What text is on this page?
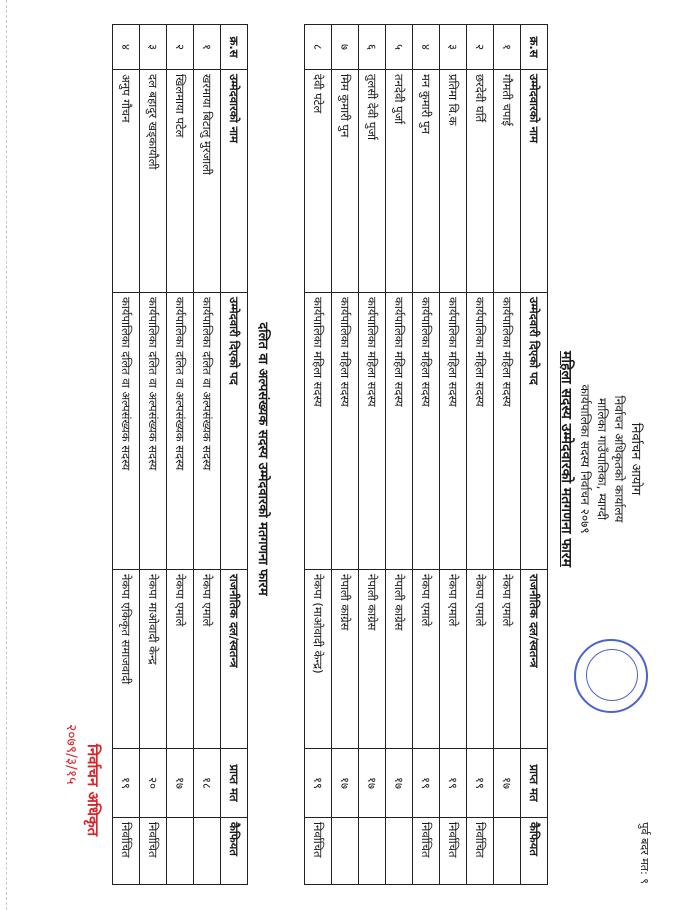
पुर्व बदर मत: ९
निर्वाचन आयोग
निर्वाचन अधिकृतको कार्यालय
मालिका गाउँपालिका, म्याग्दी
कार्यपालिका सदस्य निर्वाचन २०७९
महिला सदस्य उम्मेदवारको मतगणना फारम
क्र.स	उम्मेदवारको नाम	उम्मेदवारी दिएको पद	राजनीतिक दल/स्वतन्त्र	प्राप्त मत	कैफियत
१	गौमती चपाई	कार्यपालिका महिला सदस्य	नेकपा एमाले	१७	
२	छरदेवी घर्ति	कार्यपालिका महिला सदस्य	नेकपा एमाले	१९	निर्वाचित
३	प्रतिमा वि.क	कार्यपालिका महिला सदस्य	नेकपा एमाले	१९	निर्वाचित
४	मन कुमारी पुन	कार्यपालिका महिला सदस्य	नेकपा एमाले	१९	निर्वाचित
५	तनदेवी पुर्जा	कार्यपालिका महिला सदस्य	नेपाली काग्रेस	१७	
६	तुलसी देवी पुर्जा	कार्यपालिका महिला सदस्य	नेपाली काग्रेस	१७	
७	मिम कुमारी पुन	कार्यपालिका महिला सदस्य	नेपाली काग्रेस	१७	
८	देवी पटेल	कार्यपालिका महिला सदस्य	नेकपा (माओवादी केन्द्र)	१९	निर्वाचित
दलित वा अल्पसंख्यक सदस्य उम्मेदवारको मतगणना फारम
क्र.स	उम्मेदवारको नाम	उम्मेदवारी दिएको पद	राजनीतिक दल/स्वतन्त्र	प्राप्त मत	कैफियत
१	खरमाया बिटालु मुरजाली	कार्यपालिका दलित वा अल्पसंख्यक सदस्य	नेकपा एमाले	१८	
२	खिलमाया पटेल	कार्यपालिका दलित वा अल्पसंख्यक सदस्य	नेकपा एमाले	१७	
३	दल बहादुर खड्कायौली	कार्यपालिका दलित वा अल्पसंख्यक सदस्य	नेकपा माओवादी केन्द्र	२०	निर्वाचित
४	अनुप गौचन	कार्यपालिका दलित वा अल्पसंख्यक सदस्य	नेकपा एकिकृत समाजवादी	१९	निर्वाचित
निर्वाचन अधिकृत
२०७९/३/१५
